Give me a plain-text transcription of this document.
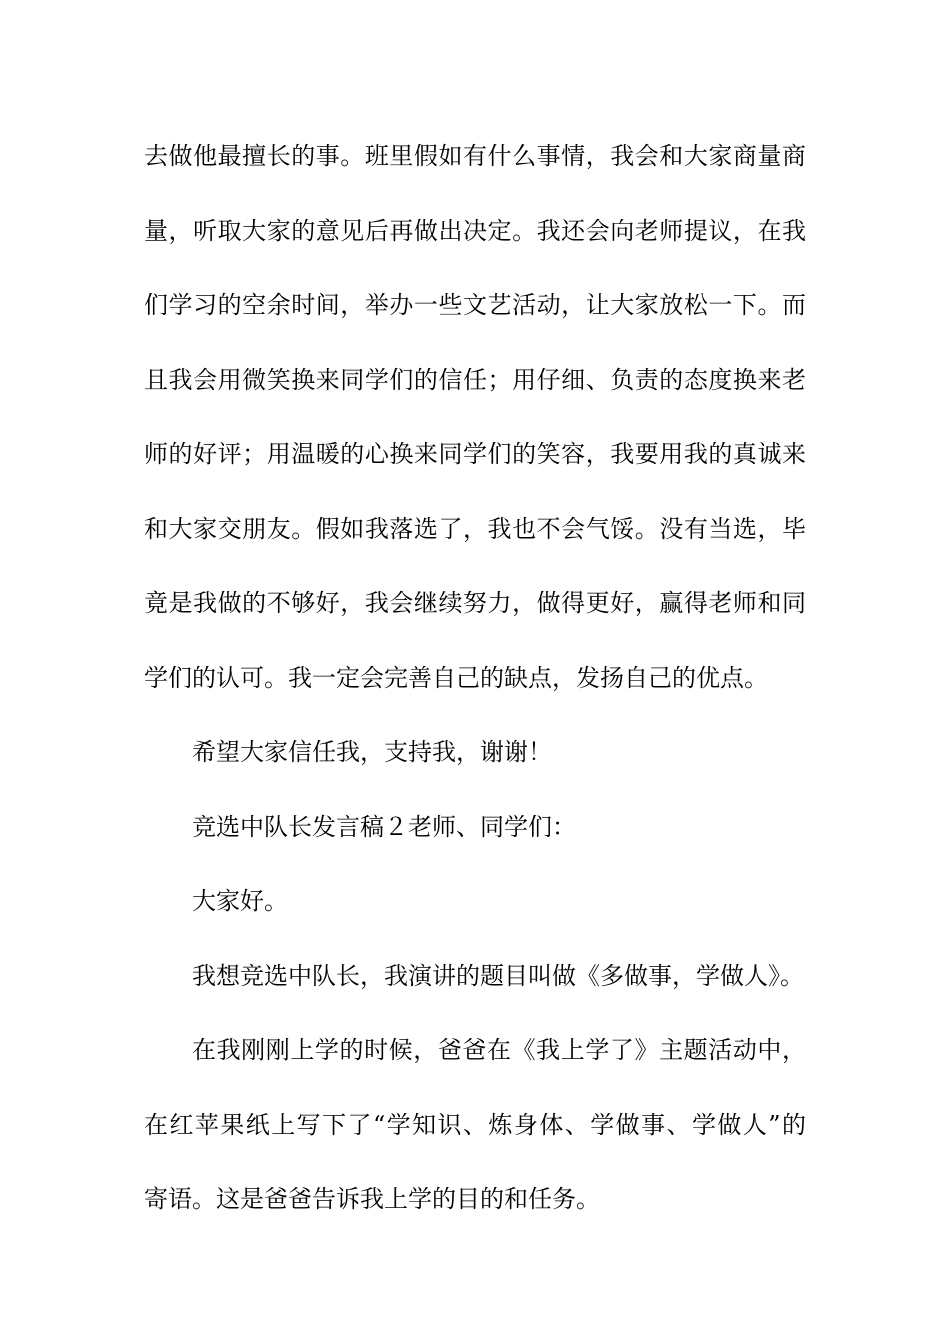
去做他最擅长的事。班里假如有什么事情，我会和大家商量商
量，听取大家的意见后再做出决定。我还会向老师提议，在我
们学习的空余时间，举办一些文艺活动，让大家放松一下。而
且我会用微笑换来同学们的信任；用仔细、负责的态度换来老
师的好评；用温暖的心换来同学们的笑容，我要用我的真诚来
和大家交朋友。假如我落选了，我也不会气馁。没有当选，毕
竟是我做的不够好，我会继续努力，做得更好，赢得老师和同
学们的认可。我一定会完善自己的缺点，发扬自己的优点。
希望大家信任我，支持我，谢谢！
竞选中队长发言稿２老师、同学们：
大家好。
我想竞选中队长，我演讲的题目叫做《多做事，学做人》。
在我刚刚上学的时候，爸爸在《我上学了》主题活动中，
在红苹果纸上写下了“学知识、炼身体、学做事、学做人”的
寄语。这是爸爸告诉我上学的目的和任务。
